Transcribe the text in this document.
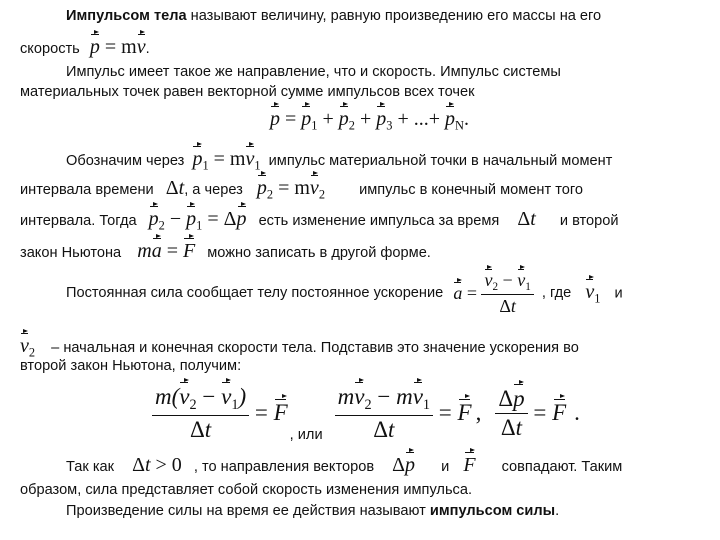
Импульсом тела называют величину, равную произведению его массы на его
скорость p = mv.
Импульс имеет такое же направление, что и скорость. Импульс системы
материальных точек равен векторной сумме импульсов всех точек
$p = p_1 + p_2 + p_3$ + ...+ $p_N$.
Обозначим через $p_1 = mv_1$ импульс материальной точки в начальный момент
интервала времени Δt, а через $p_2 = mv_2$ импульс в конечный момент того
интервала. Тогда $p_2 - p_1 = \Delta p$ есть изменение импульса за время Δt и второй
закон Ньютона ma = F можно записать в другой форме.
Постоянная сила сообщает телу постоянное ускорение $a = \frac{v_2 - v_1}{\Delta t}$ , где $v_1$ и
$v_2$ – начальная и конечная скорости тела. Подставив это значение ускорения во
второй закон Ньютона, получим:
$\frac{m(v_2 - v_1)}{\Delta t} = F$
, или $\frac{mv_2 - mv_1}{\Delta t} = F$ , $\frac{\Delta p}{\Delta t} = F$ .
Так как Δt > 0 , то направления векторов Δp и F совпадают. Таким
образом, сила представляет собой скорость изменения импульса.
Произведение силы на время ее действия называют импульсом силы.
